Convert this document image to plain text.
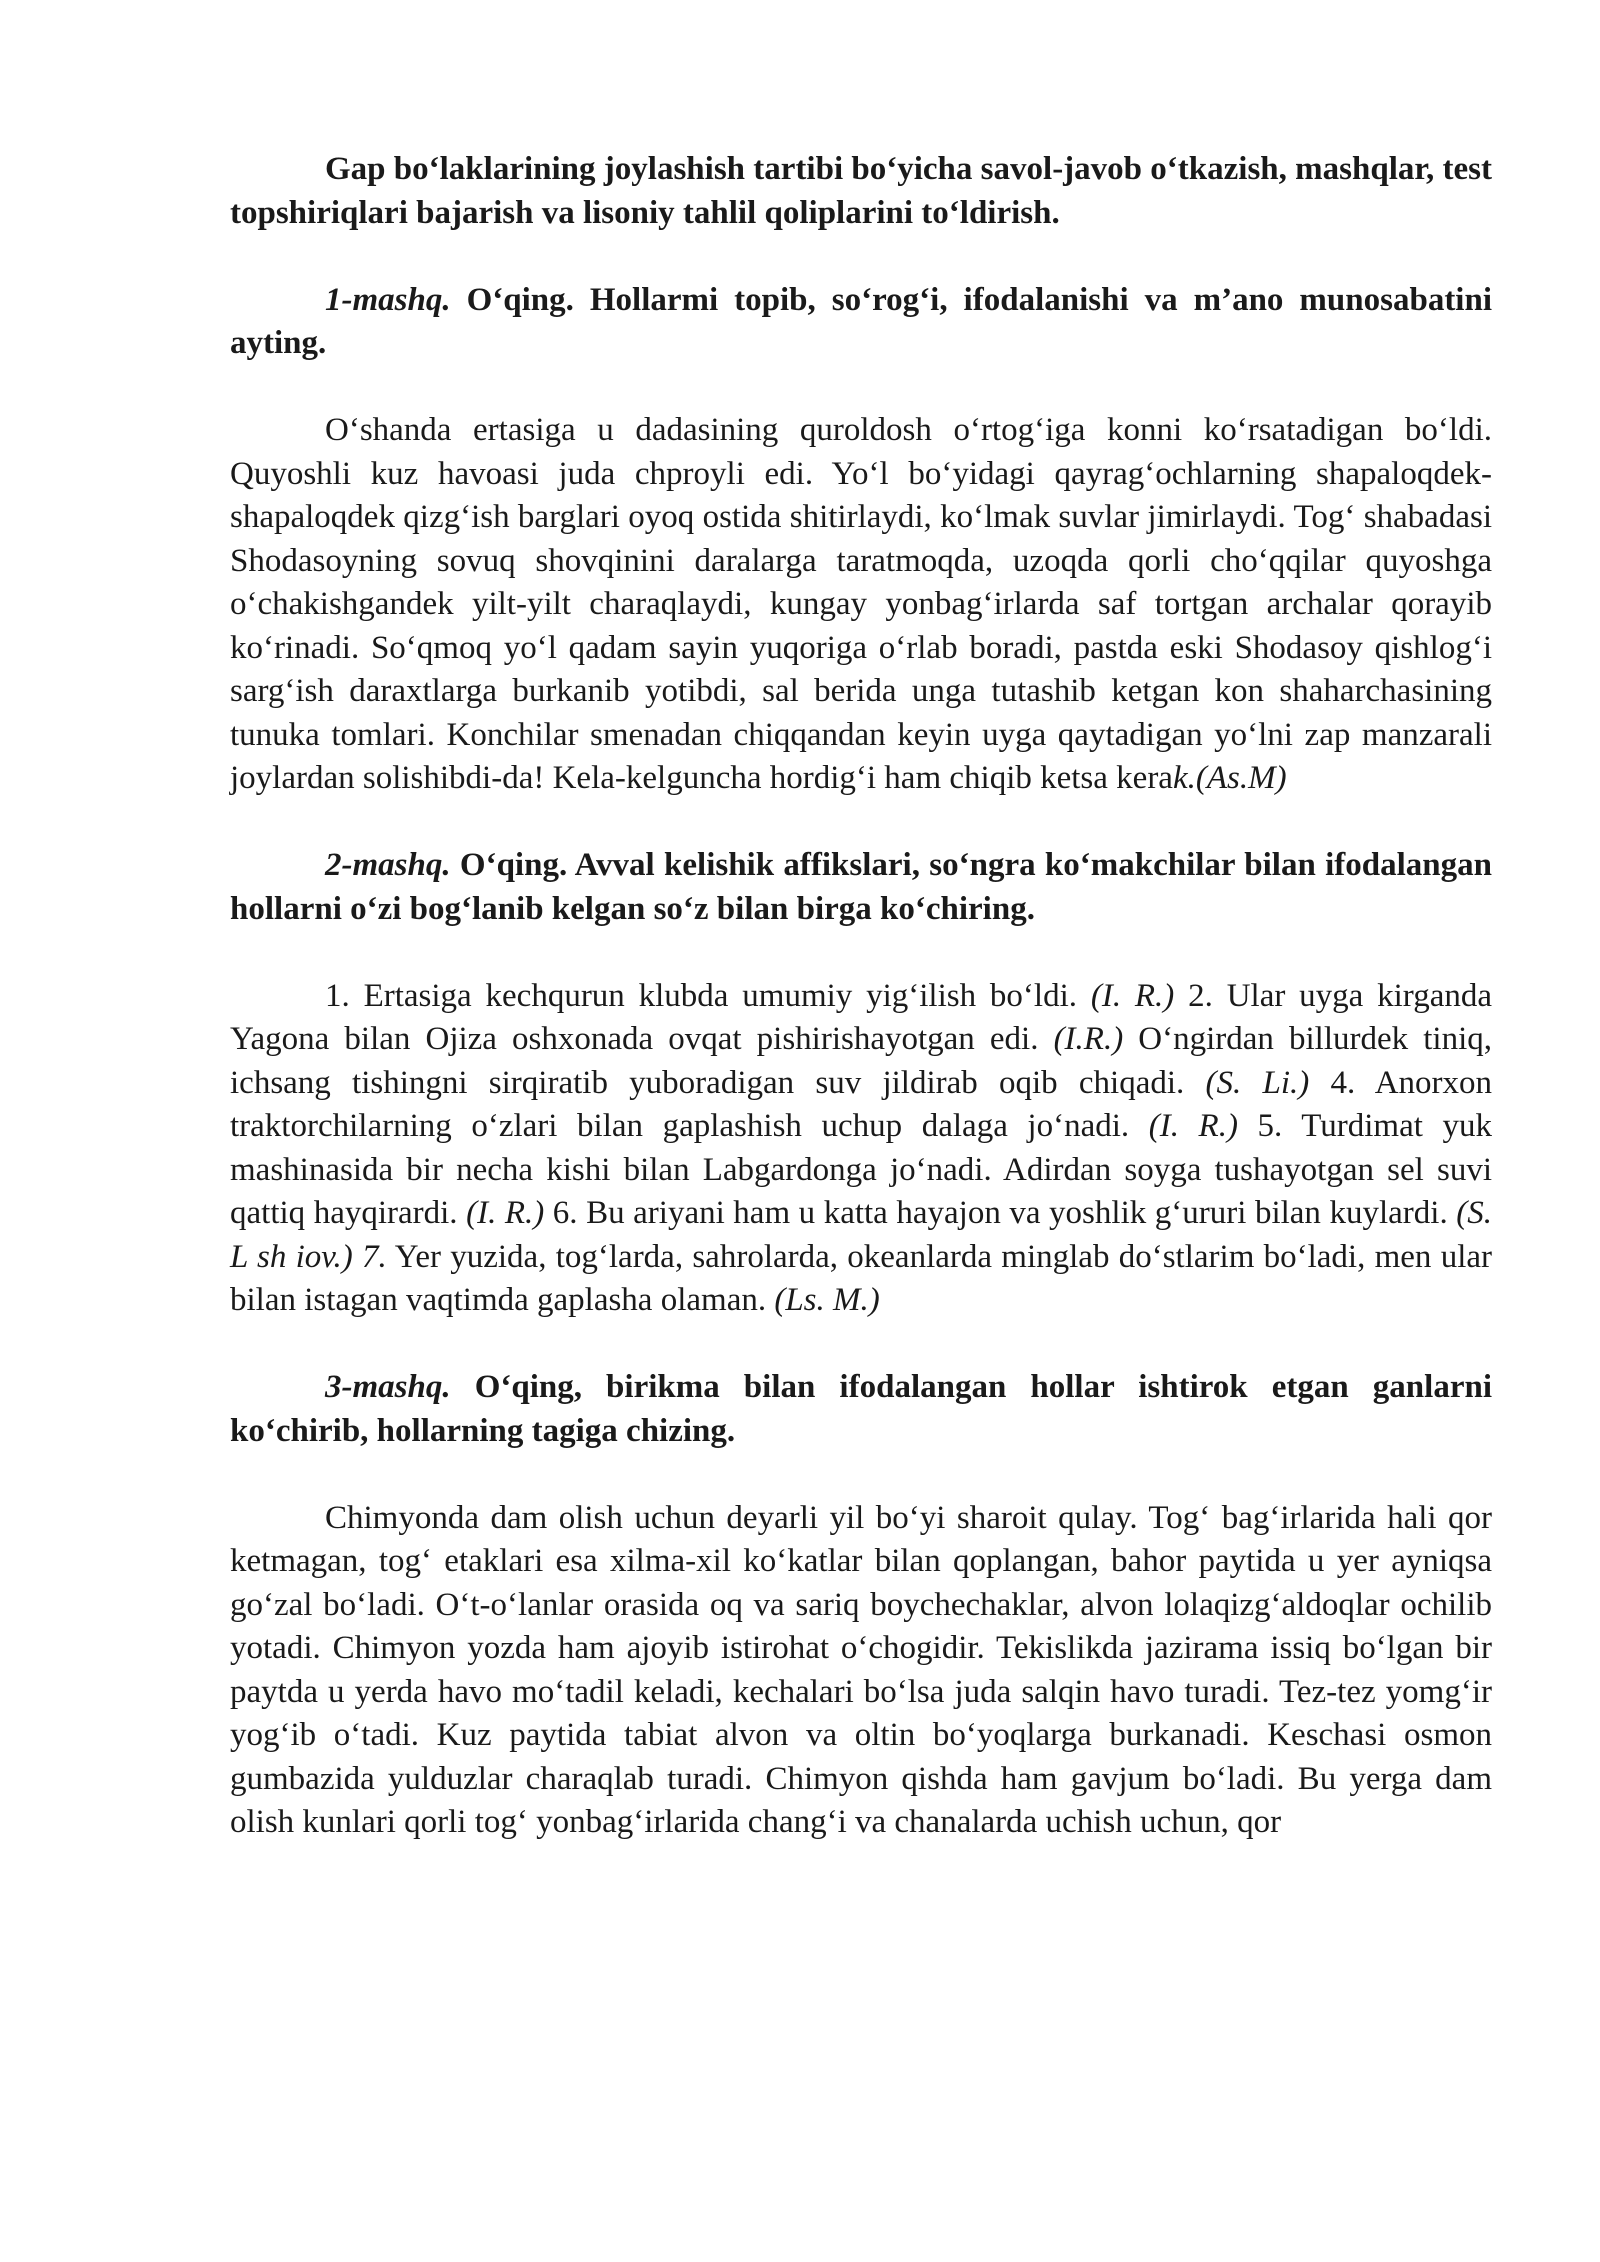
Gap bo‘laklarining joylashish tartibi bo‘yicha savol-javob o‘tkazish, mashqlar, test topshiriqlari bajarish va lisoniy tahlil qoliplarini to‘ldirish.

1-mashq. O‘qing. Hollarmi topib, so‘rog‘i, ifodalanishi va m’ano munosabatini ayting.

O‘shanda ertasiga u dadasining quroldosh o‘rtog‘iga konni ko‘rsatadigan bo‘ldi. Quyoshli kuz havoasi juda chproyli edi. Yo‘l bo‘yidagi qayrag‘ochlarning shapaloqdek-shapaloqdek qizg‘ish barglari oyoq ostida shitirlaydi, ko‘lmak suvlar jimirlaydi. Tog‘ shabadasi Shodasoyning sovuq shovqinini daralarga taratmoqda, uzoqda qorli cho‘qqilar quyoshga o‘chakishgandek yilt-yilt charaqlaydi, kungay yonbag‘irlarda saf tortgan archalar qorayib ko‘rinadi. So‘qmoq yo‘l qadam sayin yuqoriga o‘rlab boradi, pastda eski Shodasoy qishlog‘i sarg‘ish daraxtlarga burkanib yotibdi, sal berida unga tutashib ketgan kon shaharchasining tunuka tomlari. Konchilar smenadan chiqqandan keyin uyga qaytadigan yo‘lni zap manzarali joylardan solishibdi-da! Kela-kelguncha hordig‘i ham chiqib ketsa kerak.(As.M)

2-mashq. O‘qing. Avval kelishik affikslari, so‘ngra ko‘makchilar bilan ifodalangan hollarni o‘zi bog‘lanib kelgan so‘z bilan birga ko‘chiring.

1. Ertasiga kechqurun klubda umumiy yig‘ilish bo‘ldi. (I. R.) 2. Ular uyga kirganda Yagona bilan Ojiza oshxonada ovqat pishirishayotgan edi. (I.R.) O‘ngirdan billurdek tiniq, ichsang tishingni sirqiratib yuboradigan suv jildirab oqib chiqadi. (S. Li.) 4. Anorxon traktorchilarning o‘zlari bilan gaplashish uchup dalaga jo‘nadi. (I. R.) 5. Turdimat yuk mashinasida bir necha kishi bilan Labgardonga jo‘nadi. Adirdan soyga tushayotgan sel suvi qattiq hayqirardi. (I. R.) 6. Bu ariyani ham u katta hayajon va yoshlik g‘ururi bilan kuylardi. (S. L sh iov.) 7. Yer yuzida, tog‘larda, sahrolarda, okeanlarda minglab do‘stlarim bo‘ladi, men ular bilan istagan vaqtimda gaplasha olaman. (Ls. M.)

3-mashq. O‘qing, birikma bilan ifodalangan hollar ishtirok etgan ganlarni ko‘chirib, hollarning tagiga chizing.

Chimyonda dam olish uchun deyarli yil bo‘yi sharoit qulay. Tog‘ bag‘irlarida hali qor ketmagan, tog‘ etaklari esa xilma-xil ko‘katlar bilan qoplangan, bahor paytida u yer ayniqsa go‘zal bo‘ladi. O‘t-o‘lanlar orasida oq va sariq boychechaklar, alvon lolaqizg‘aldoqlar ochilib yotadi. Chimyon yozda ham ajoyib istirohat o‘chogidir. Tekislikda jazirama issiq bo‘lgan bir paytda u yerda havo mo‘tadil keladi, kechalari bo‘lsa juda salqin havo turadi. Tez-tez yomg‘ir yog‘ib o‘tadi. Kuz paytida tabiat alvon va oltin bo‘yoqlarga burkanadi. Keschasi osmon gumbazida yulduzlar charaqlab turadi. Chimyon qishda ham gavjum bo‘ladi. Bu yerga dam olish kunlari qorli tog‘ yonbag‘irlarida chang‘i va chanalarda uchish uchun, qor
